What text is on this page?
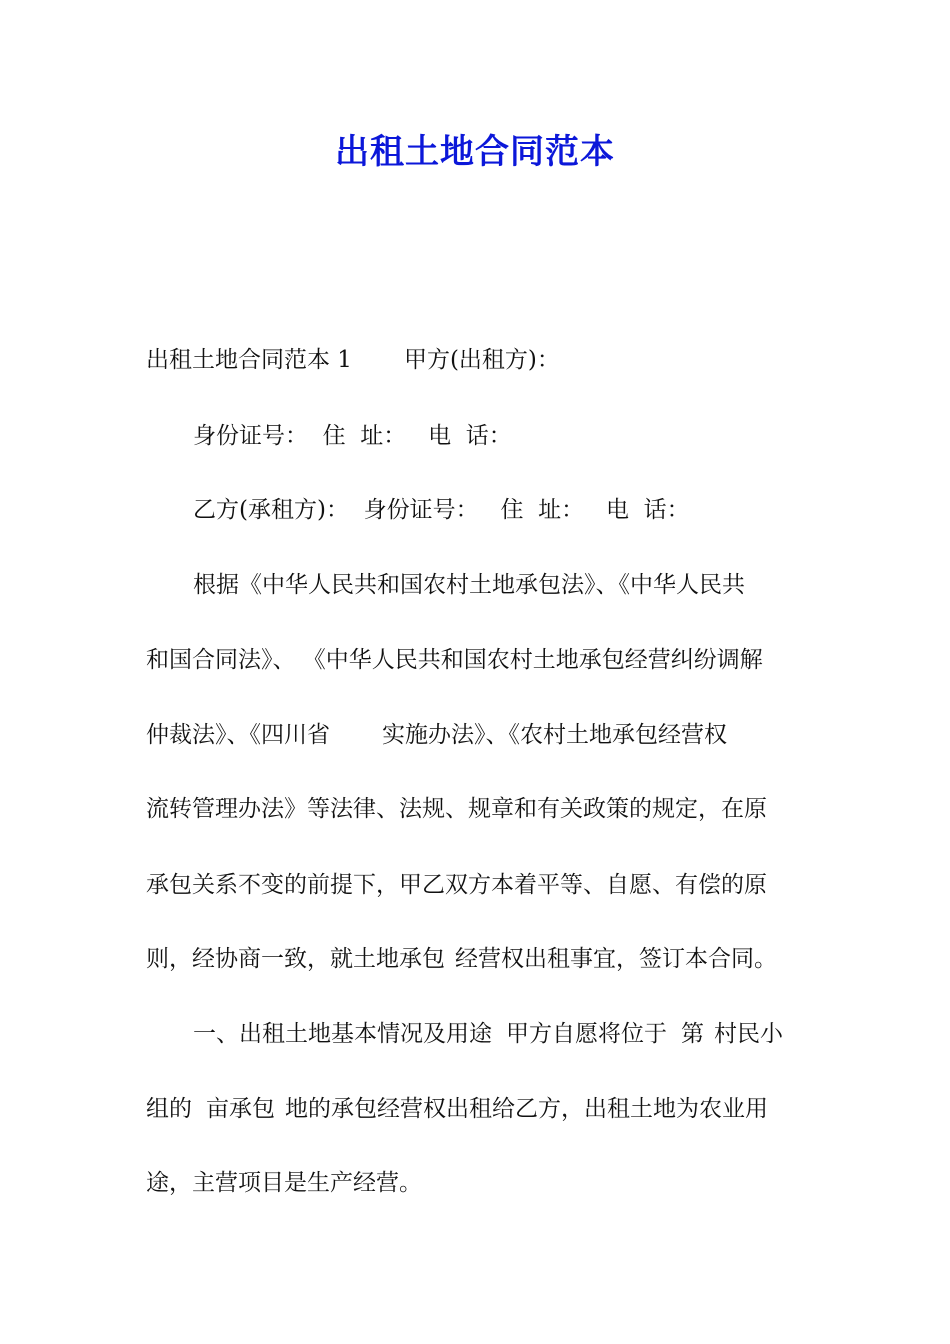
出租土地合同范本
出租土地合同范本 1 甲方(出租方)：
身份证号：  住  址：   电  话：
乙方(承租方)：  身份证号：   住  址：   电  话：
根据《中华人民共和国农村土地承包法》、《中华人民共
和国合同法》、 《中华人民共和国农村土地承包经营纠纷调解
仲裁法》、《四川省 实施办法》、《农村土地承包经营权
流转管理办法》等法律、法规、规章和有关政策的规定，在原
承包关系不变的前提下，甲乙双方本着平等、自愿、有偿的原
则，经协商一致，就土地承包 经营权出租事宜，签订本合同。
一、出租土地基本情况及用途 甲方自愿将位于 第 村民小
组的 亩承包 地的承包经营权出租给乙方，出租土地为农业用
途，主营项目是生产经营。
